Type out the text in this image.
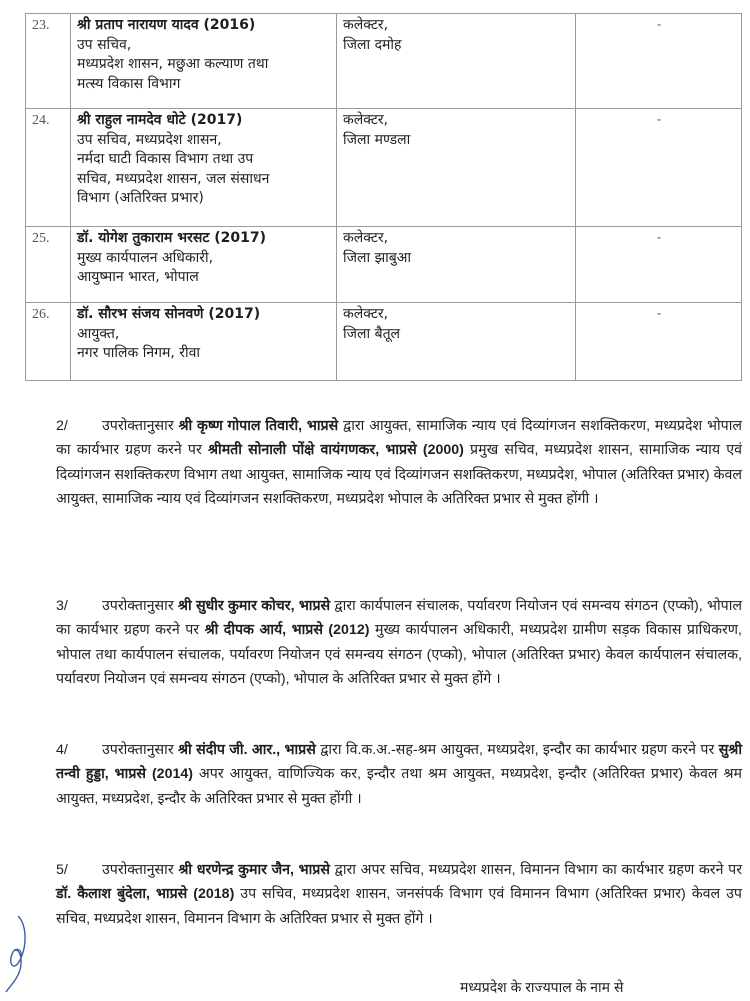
23.	श्री प्रताप नारायण यादव (2016)
उप सचिव,
मध्यप्रदेश शासन, मछुआ कल्याण तथा
मत्स्य विकास विभाग	कलेक्टर,
जिला दमोह	-
24.	श्री राहुल नामदेव धोटे (2017)
उप सचिव, मध्यप्रदेश शासन,
नर्मदा घाटी विकास विभाग तथा उप
सचिव, मध्यप्रदेश शासन, जल संसाधन
विभाग (अतिरिक्त प्रभार)	कलेक्टर,
जिला मण्डला	-
25.	डॉ. योगेश तुकाराम भरसट (2017)
मुख्य कार्यपालन अधिकारी,
आयुष्मान भारत, भोपाल	कलेक्टर,
जिला झाबुआ	-
26.	डॉ. सौरभ संजय सोनवणे (2017)
आयुक्त,
नगर पालिक निगम, रीवा	कलेक्टर,
जिला बैतूल	-
2/ उपरोक्तानुसार श्री कृष्ण गोपाल तिवारी, भाप्रसे द्वारा आयुक्त, सामाजिक न्याय एवं दिव्यांगजन सशक्तिकरण, मध्यप्रदेश भोपाल का कार्यभार ग्रहण करने पर श्रीमती सोनाली पोंक्षे वायंगणकर, भाप्रसे (2000) प्रमुख सचिव, मध्यप्रदेश शासन, सामाजिक न्याय एवं दिव्यांगजन सशक्तिकरण विभाग तथा आयुक्त, सामाजिक न्याय एवं दिव्यांगजन सशक्तिकरण, मध्यप्रदेश, भोपाल (अतिरिक्त प्रभार) केवल आयुक्त, सामाजिक न्याय एवं दिव्यांगजन सशक्तिकरण, मध्यप्रदेश भोपाल के अतिरिक्त प्रभार से मुक्त होंगी ।
3/ उपरोक्तानुसार श्री सुधीर कुमार कोचर, भाप्रसे द्वारा कार्यपालन संचालक, पर्यावरण नियोजन एवं समन्वय संगठन (एप्को), भोपाल का कार्यभार ग्रहण करने पर श्री दीपक आर्य, भाप्रसे (2012) मुख्य कार्यपालन अधिकारी, मध्यप्रदेश ग्रामीण सड़क विकास प्राधिकरण, भोपाल तथा कार्यपालन संचालक, पर्यावरण नियोजन एवं समन्वय संगठन (एप्को), भोपाल (अतिरिक्त प्रभार) केवल कार्यपालन संचालक, पर्यावरण नियोजन एवं समन्वय संगठन (एप्को), भोपाल के अतिरिक्त प्रभार से मुक्त होंगे ।
4/ उपरोक्तानुसार श्री संदीप जी. आर., भाप्रसे द्वारा वि.क.अ.-सह-श्रम आयुक्त, मध्यप्रदेश, इन्दौर का कार्यभार ग्रहण करने पर सुश्री तन्वी हुड्डा, भाप्रसे (2014) अपर आयुक्त, वाणिज्यिक कर, इन्दौर तथा श्रम आयुक्त, मध्यप्रदेश, इन्दौर (अतिरिक्त प्रभार) केवल श्रम आयुक्त, मध्यप्रदेश, इन्दौर के अतिरिक्त प्रभार से मुक्त होंगी ।
5/ उपरोक्तानुसार श्री धरणेन्द्र कुमार जैन, भाप्रसे द्वारा अपर सचिव, मध्यप्रदेश शासन, विमानन विभाग का कार्यभार ग्रहण करने पर डॉ. कैलाश बुंदेला, भाप्रसे (2018) उप सचिव, मध्यप्रदेश शासन, जनसंपर्क विभाग एवं विमानन विभाग (अतिरिक्त प्रभार) केवल उप सचिव, मध्यप्रदेश शासन, विमानन विभाग के अतिरिक्त प्रभार से मुक्त होंगे ।
मध्यप्रदेश के राज्यपाल के नाम से
